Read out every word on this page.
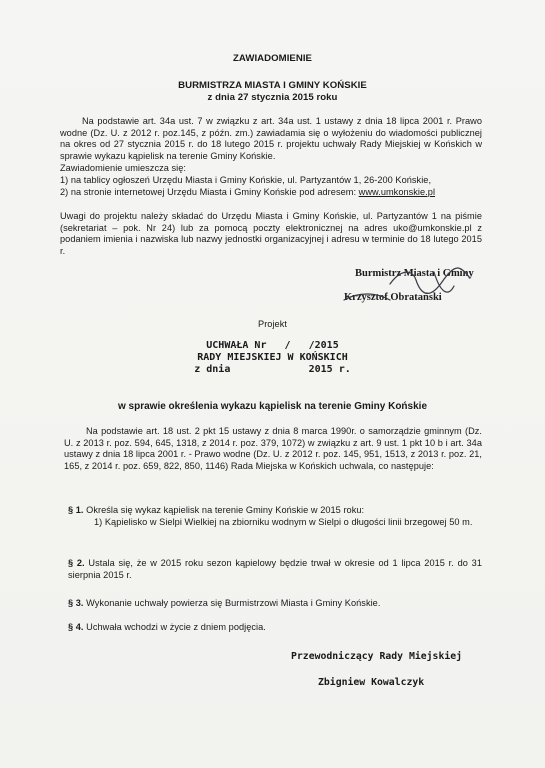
ZAWIADOMIENIE
BURMISTRZA MIASTA I GMINY KOŃSKIE
z dnia 27 stycznia 2015 roku

Na podstawie art. 34a ust. 7 w związku z art. 34a ust. 1 ustawy z dnia 18 lipca 2001 r. Prawo wodne (Dz. U. z 2012 r. poz.145, z późn. zm.) zawiadamia się o wyłożeniu do wiadomości publicznej na okres od 27 stycznia 2015 r. do 18 lutego 2015 r. projektu uchwały Rady Miejskiej w Końskich w sprawie wykazu kąpielisk na terenie Gminy Końskie.

Zawiadomienie umieszcza się:
1) na tablicy ogłoszeń Urzędu Miasta i Gminy Końskie, ul. Partyzantów 1, 26-200 Końskie,
2) na stronie internetowej Urzędu Miasta i Gminy Końskie pod adresem: www.umkonskie.pl

Uwagi do projektu należy składać do Urzędu Miasta i Gminy Końskie, ul. Partyzantów 1 na piśmie (sekretariat – pok. Nr 24) lub za pomocą poczty elektronicznej na adres uko@umkonskie.pl z podaniem imienia i nazwiska lub nazwy jednostki organizacyjnej i adresu w terminie do 18 lutego 2015 r.

Burmistrz Miasta i Gminy
Krzysztof Obratański
Projekt
UCHWAŁA Nr   /   /2015
RADY MIEJSKIEJ W KOŃSKICH
z dnia             2015 r.
w sprawie określenia wykazu kąpielisk na terenie Gminy Końskie

Na podstawie art. 18 ust. 2 pkt 15 ustawy z dnia 8 marca 1990r. o samorządzie gminnym (Dz. U. z 2013 r. poz. 594, 645, 1318, z 2014 r. poz. 379, 1072) w związku z art. 9 ust. 1 pkt 10 b i art. 34a ustawy z dnia 18 lipca 2001 r. - Prawo wodne (Dz. U. z 2012 r. poz. 145, 951, 1513, z 2013 r. poz. 21, 165, z 2014 r. poz. 659, 822, 850, 1146) Rada Miejska w Końskich uchwala, co następuje:

§ 1. Określa się wykaz kąpielisk na terenie Gminy Końskie w 2015 roku:
1) Kąpielisko w Sielpi Wielkiej na zbiorniku wodnym w Sielpi o długości linii brzegowej 50 m.
§ 2. Ustala się, że w 2015 roku sezon kąpielowy będzie trwał w okresie od 1 lipca 2015 r. do 31 sierpnia 2015 r.
§ 3. Wykonanie uchwały powierza się Burmistrzowi Miasta i Gminy Końskie.
§ 4. Uchwała wchodzi w życie z dniem podjęcia.
Przewodniczący Rady Miejskiej
Zbigniew Kowalczyk
